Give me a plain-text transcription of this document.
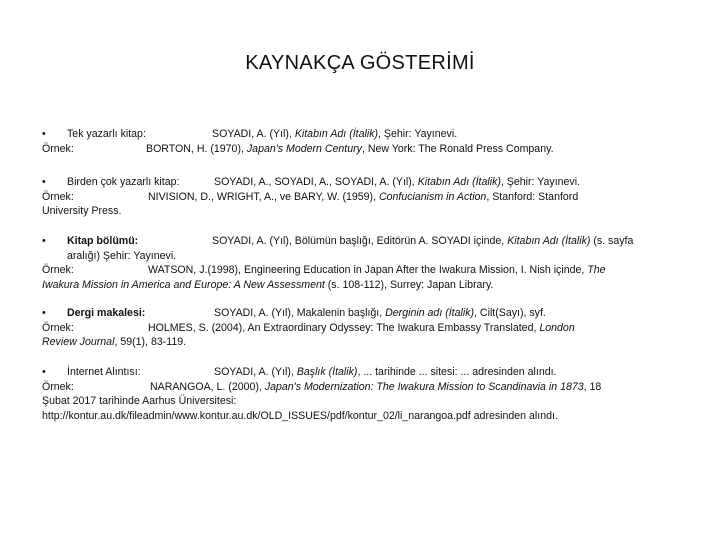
KAYNAKÇA GÖSTERİMİ
• Tek yazarlı kitap:	SOYADI, A. (Yıl), Kitabın Adı (İtalik), Şehir: Yayınevi.
Örnek:	BORTON, H. (1970), Japan's Modern Century, New York: The Ronald Press Company.
• Birden çok yazarlı kitap:	SOYADI, A., SOYADI, A., SOYADI, A. (Yıl), Kitabın Adı (İtalik), Şehir: Yayınevi.
Örnek:	NIVISION, D., WRIGHT, A., ve BARY, W. (1959), Confucianism in Action, Stanford: Stanford
University Press.
• Kitap bölümü:	SOYADI, A. (Yıl), Bölümün başlığı, Editörün A. SOYADI içinde, Kitabın Adı (İtalik) (s. sayfa
aralığı) Şehir: Yayınevi.
Örnek:	WATSON, J.(1998), Engineering Education in Japan After the Iwakura Mission, I. Nish içinde, The
Iwakura Mission in America and Europe: A New Assessment (s. 108-112), Surrey: Japan Library.
• Dergi makalesi:	SOYADI, A. (Yıl), Makalenin başlığı, Derginin adı (İtalik), Cilt(Sayı), syf.
Örnek:	HOLMES, S. (2004), An Extraordinary Odyssey: The Iwakura Embassy Translated, London
Review Journal, 59(1), 83-119.
• İnternet Alıntısı:	SOYADI, A. (Yıl), Başlık (İtalik), ... tarihinde ... sitesi: ... adresinden alındı.
Örnek:	NARANGOA, L. (2000), Japan's Modernization: The Iwakura Mission to Scandinavia in 1873, 18
Şubat 2017 tarihinde Aarhus Üniversitesi:
http://kontur.au.dk/fileadmin/www.kontur.au.dk/OLD_ISSUES/pdf/kontur_02/li_narangoa.pdf adresinden alındı.
